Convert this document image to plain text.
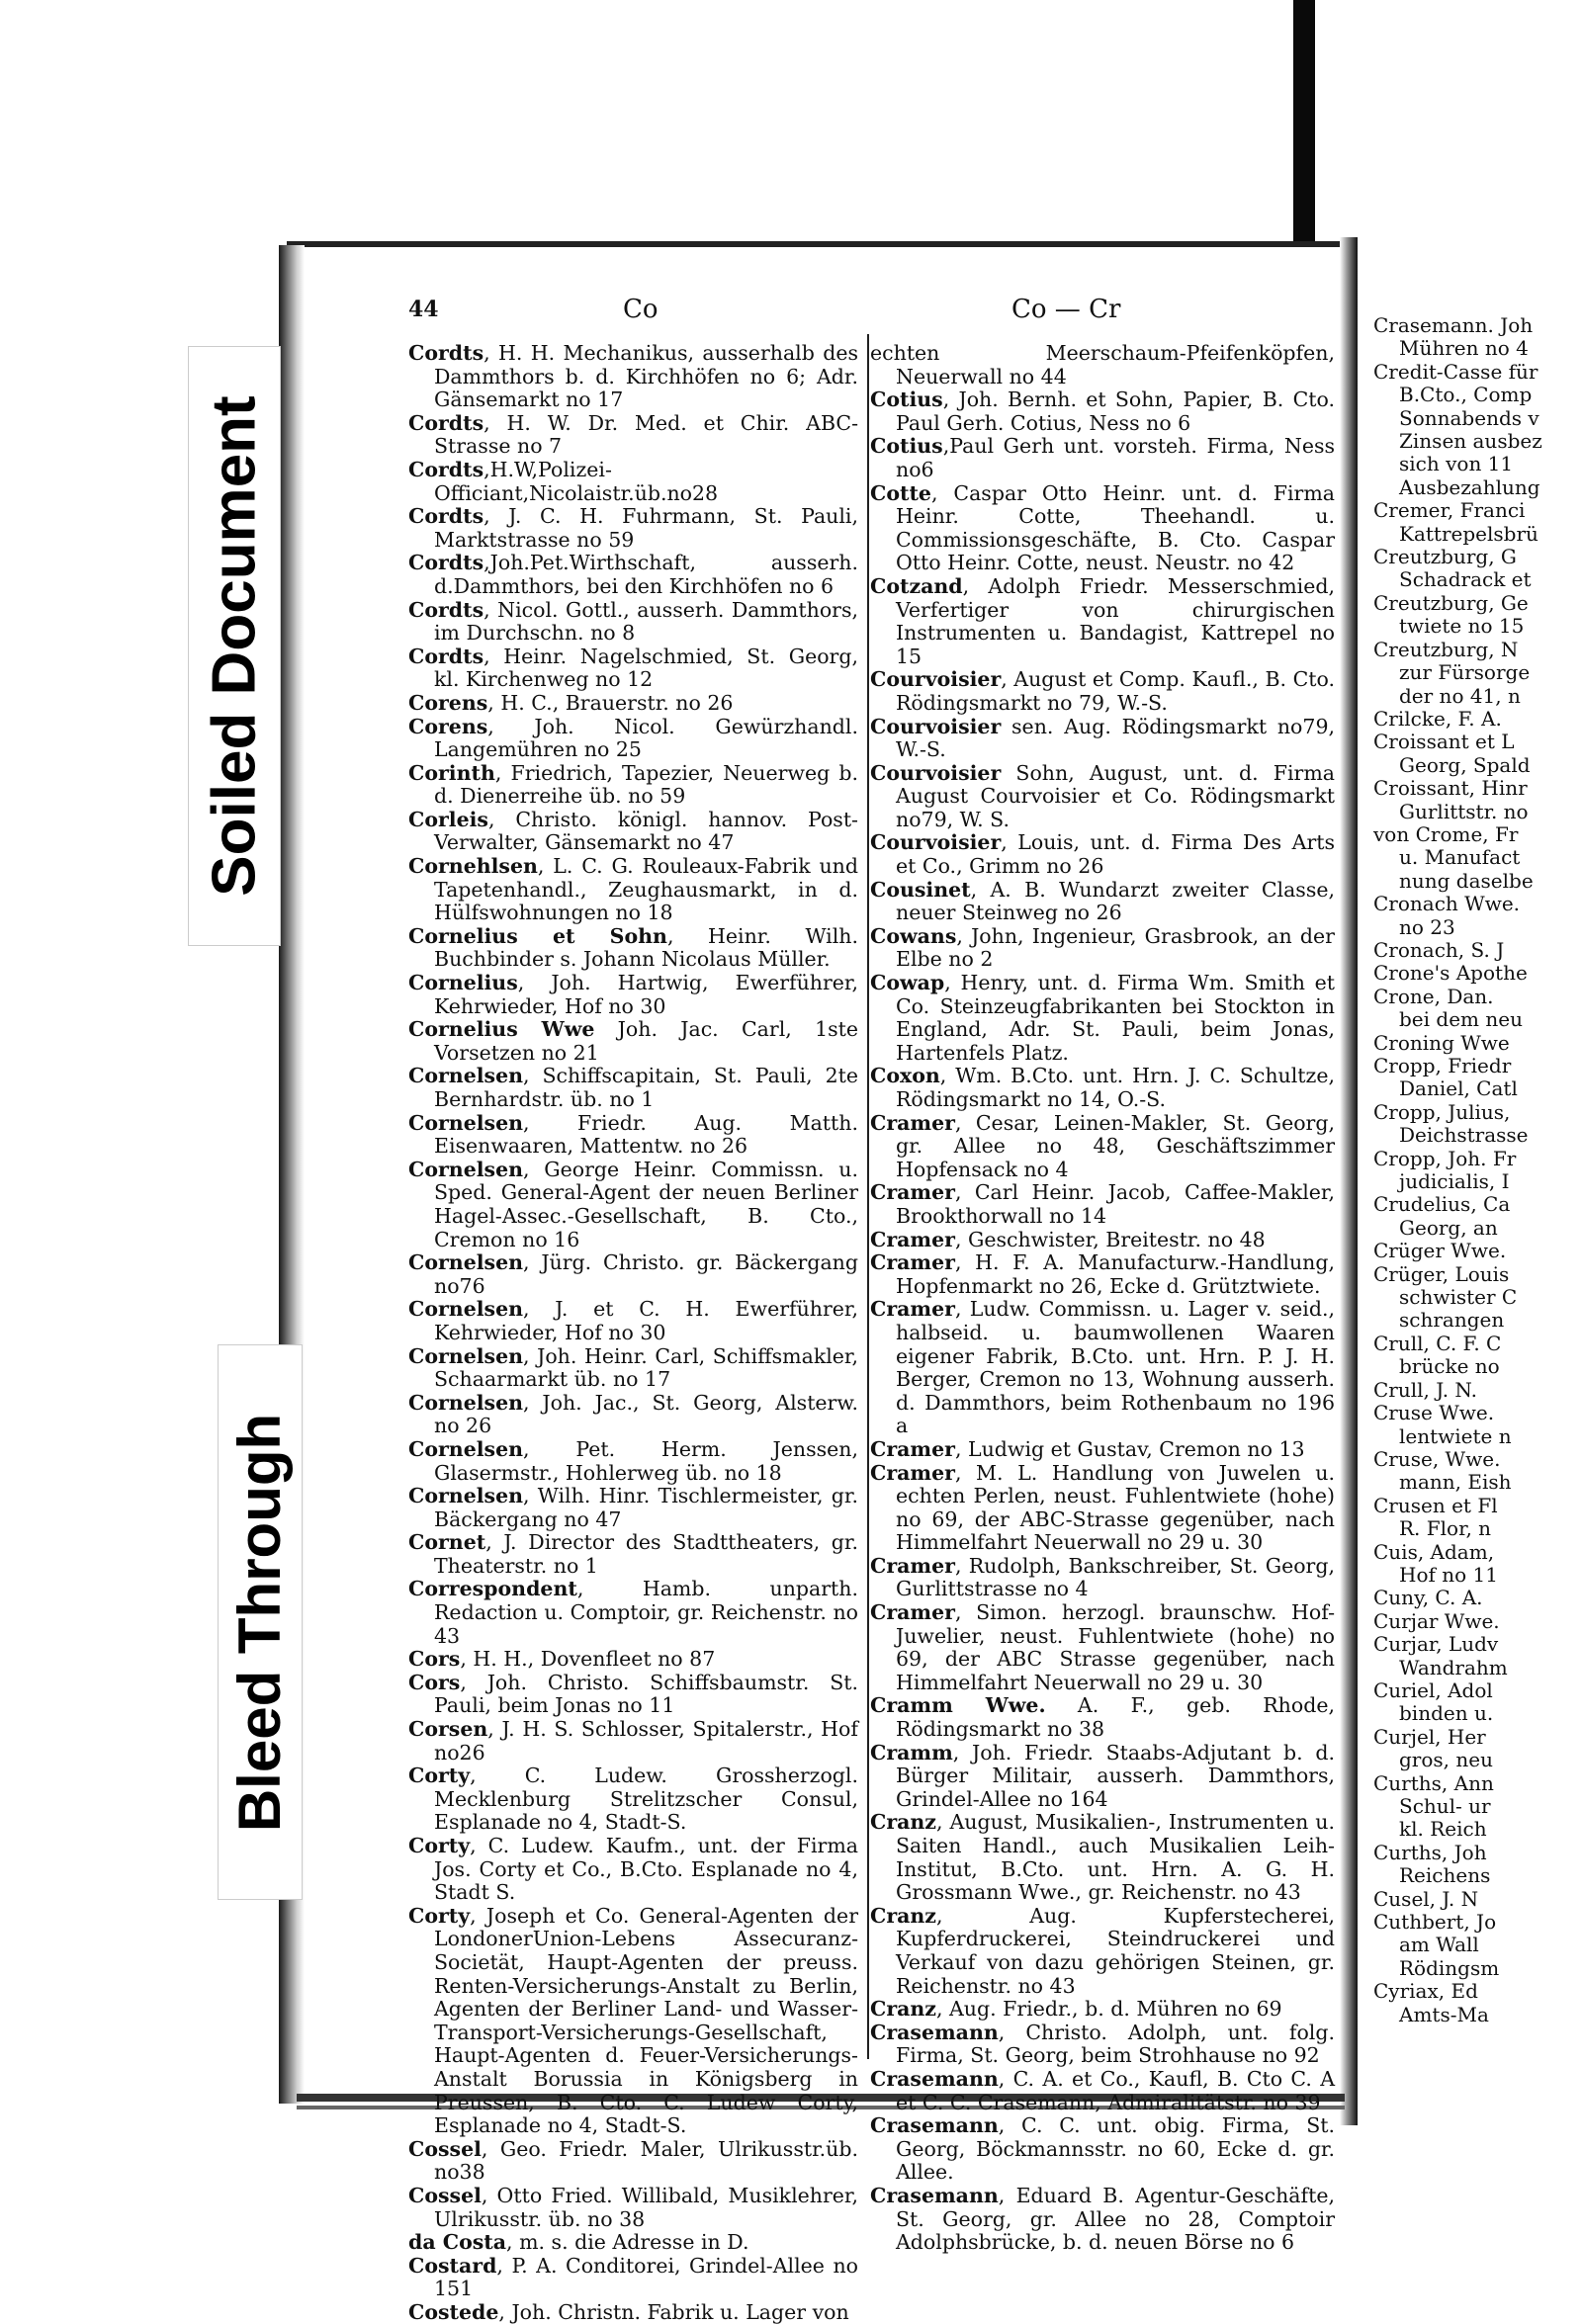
Soiled Document
Bleed Through
44	Co	Co — Cr
Cordts, H. H. Mechanikus, ausserhalb des Dammthors b. d. Kirchhöfen no 6; Adr. Gänsemarkt no 17
Cordts, H. W. Dr. Med. et Chir. ABC-Strasse no 7
Cordts,H.W,Polizei-Officiant,Nicolaistr.üb.no28
Cordts, J. C. H. Fuhrmann, St. Pauli, Marktstrasse no 59
Cordts,Joh.Pet.Wirthschaft, ausserh. d.Dammthors, bei den Kirchhöfen no 6
Cordts, Nicol. Gottl., ausserh. Dammthors, im Durchschn. no 8
Cordts, Heinr. Nagelschmied, St. Georg, kl. Kirchenweg no 12
Corens, H. C., Brauerstr. no 26
Corens, Joh. Nicol. Gewürzhandl. Langemühren no 25
Corinth, Friedrich, Tapezier, Neuerweg b. d. Dienerreihe üb. no 59
Corleis, Christo. königl. hannov. Post-Verwalter, Gänsemarkt no 47
Cornehlsen, L. C. G. Rouleaux-Fabrik und Tapetenhandl., Zeughausmarkt, in d. Hülfswohnungen no 18
Cornelius et Sohn, Heinr. Wilh. Buchbinder s. Johann Nicolaus Müller.
Cornelius, Joh. Hartwig, Ewerführer, Kehrwieder, Hof no 30
Cornelius Wwe Joh. Jac. Carl, 1ste Vorsetzen no 21
Cornelsen, Schiffscapitain, St. Pauli, 2te Bernhardstr. üb. no 1
Cornelsen, Friedr. Aug. Matth. Eisenwaaren, Mattentw. no 26
Cornelsen, George Heinr. Commissn. u. Sped. General-Agent der neuen Berliner Hagel-Assec.-Gesellschaft, B. Cto., Cremon no 16
Cornelsen, Jürg. Christo. gr. Bäckergang no76
Cornelsen, J. et C. H. Ewerführer, Kehrwieder, Hof no 30
Cornelsen, Joh. Heinr. Carl, Schiffsmakler, Schaarmarkt üb. no 17
Cornelsen, Joh. Jac., St. Georg, Alsterw. no 26
Cornelsen, Pet. Herm. Jenssen, Glasermstr., Hohlerweg üb. no 18
Cornelsen, Wilh. Hinr. Tischlermeister, gr. Bäckergang no 47
Cornet, J. Director des Stadttheaters, gr. Theaterstr. no 1
Correspondent, Hamb. unparth. Redaction u. Comptoir, gr. Reichenstr. no 43
Cors, H. H., Dovenfleet no 87
Cors, Joh. Christo. Schiffsbaumstr. St. Pauli, beim Jonas no 11
Corsen, J. H. S. Schlosser, Spitalerstr., Hof no26
Corty, C. Ludew. Grossherzogl. Mecklenburg Strelitzscher Consul, Esplanade no 4, Stadt-S.
Corty, C. Ludew. Kaufm., unt. der Firma Jos. Corty et Co., B.Cto. Esplanade no 4, Stadt S.
Corty, Joseph et Co. General-Agenten der LondonerUnion-Lebens Assecuranz-Societät, Haupt-Agenten der preuss. Renten-Versicherungs-Anstalt zu Berlin, Agenten der Berliner Land- und Wasser-Transport-Versicherungs-Gesellschaft, Haupt-Agenten d. Feuer-Versicherungs-Anstalt Borussia in Königsberg in Preussen, B. Cto. C. Ludew Corty, Esplanade no 4, Stadt-S.
Cossel, Geo. Friedr. Maler, Ulrikusstr.üb. no38
Cossel, Otto Fried. Willibald, Musiklehrer, Ulrikusstr. üb. no 38
da Costa, m. s. die Adresse in D.
Costard, P. A. Conditorei, Grindel-Allee no 151
Costede, Joh. Christn. Fabrik u. Lager von
echten Meerschaum-Pfeifenköpfen, Neuerwall no 44
Cotius, Joh. Bernh. et Sohn, Papier, B. Cto. Paul Gerh. Cotius, Ness no 6
Cotius,Paul Gerh unt. vorsteh. Firma, Ness no6
Cotte, Caspar Otto Heinr. unt. d. Firma Heinr. Cotte, Theehandl. u. Commissionsgeschäfte, B. Cto. Caspar Otto Heinr. Cotte, neust. Neustr. no 42
Cotzand, Adolph Friedr. Messerschmied, Verfertiger von chirurgischen Instrumenten u. Bandagist, Kattrepel no 15
Courvoisier, August et Comp. Kaufl., B. Cto. Rödingsmarkt no 79, W.-S.
Courvoisier sen. Aug. Rödingsmarkt no79, W.-S.
Courvoisier Sohn, August, unt. d. Firma August Courvoisier et Co. Rödingsmarkt no79, W. S.
Courvoisier, Louis, unt. d. Firma Des Arts et Co., Grimm no 26
Cousinet, A. B. Wundarzt zweiter Classe, neuer Steinweg no 26
Cowans, John, Ingenieur, Grasbrook, an der Elbe no 2
Cowap, Henry, unt. d. Firma Wm. Smith et Co. Steinzeugfabrikanten bei Stockton in England, Adr. St. Pauli, beim Jonas, Hartenfels Platz.
Coxon, Wm. B.Cto. unt. Hrn. J. C. Schultze, Rödingsmarkt no 14, O.-S.
Cramer, Cesar, Leinen-Makler, St. Georg, gr. Allee no 48, Geschäftszimmer Hopfensack no 4
Cramer, Carl Heinr. Jacob, Caffee-Makler, Brookthorwall no 14
Cramer, Geschwister, Breitestr. no 48
Cramer, H. F. A. Manufacturw.-Handlung, Hopfenmarkt no 26, Ecke d. Grütztwiete.
Cramer, Ludw. Commissn. u. Lager v. seid., halbseid. u. baumwollenen Waaren eigener Fabrik, B.Cto. unt. Hrn. P. J. H. Berger, Cremon no 13, Wohnung ausserh. d. Dammthors, beim Rothenbaum no 196 a
Cramer, Ludwig et Gustav, Cremon no 13
Cramer, M. L. Handlung von Juwelen u. echten Perlen, neust. Fuhlentwiete (hohe) no 69, der ABC-Strasse gegenüber, nach Himmelfahrt Neuerwall no 29 u. 30
Cramer, Rudolph, Bankschreiber, St. Georg, Gurlittstrasse no 4
Cramer, Simon. herzogl. braunschw. Hof-Juwelier, neust. Fuhlentwiete (hohe) no 69, der ABC Strasse gegenüber, nach Himmelfahrt Neuerwall no 29 u. 30
Cramm Wwe. A. F., geb. Rhode, Rödingsmarkt no 38
Cramm, Joh. Friedr. Staabs-Adjutant b. d. Bürger Militair, ausserh. Dammthors, Grindel-Allee no 164
Cranz, August, Musikalien-, Instrumenten u. Saiten Handl., auch Musikalien Leih-Institut, B.Cto. unt. Hrn. A. G. H. Grossmann Wwe., gr. Reichenstr. no 43
Cranz, Aug. Kupferstecherei, Kupferdruckerei, Steindruckerei und Verkauf von dazu gehörigen Steinen, gr. Reichenstr. no 43
Cranz, Aug. Friedr., b. d. Mühren no 69
Crasemann, Christo. Adolph, unt. folg. Firma, St. Georg, beim Strohhause no 92
Crasemann, C. A. et Co., Kaufl, B. Cto C. A et C. C. Crasemann, Admiralitätstr. no 39
Crasemann, C. C. unt. obig. Firma, St. Georg, Böckmannsstr. no 60, Ecke d. gr. Allee.
Crasemann, Eduard B. Agentur-Geschäfte, St. Georg, gr. Allee no 28, Comptoir Adolphsbrücke, b. d. neuen Börse no 6
Crasemann. Joh
Mühren no 4
Credit-Casse für
B.Cto., Comp
Sonnabends v
Zinsen ausbez
sich von 11
Ausbezahlung
Cremer, Franci
Kattrepelsbrü
Creutzburg, G
Schadrack et
Creutzburg, Ge
twiete no 15
Creutzburg, N
zur Fürsorge
der no 41, n
Crilcke, F. A.
Croissant et L
Georg, Spald
Croissant, Hinr
Gurlittstr. no
von Crome, Fr
u. Manufact
nung daselbe
Cronach Wwe.
no 23
Cronach, S. J
Crone's Apothe
Crone, Dan.
bei dem neu
Croning Wwe
Cropp, Friedr
Daniel, Catl
Cropp, Julius,
Deichstrasse
Cropp, Joh. Fr
judicialis, I
Crudelius, Ca
Georg, an
Crüger Wwe.
Crüger, Louis
schwister C
schrangen
Crull, C. F. C
brücke no
Crull, J. N.
Cruse Wwe.
lentwiete n
Cruse, Wwe.
mann, Eish
Crusen et Fl
R. Flor, n
Cuis, Adam,
Hof no 11
Cuny, C. A.
Curjar Wwe.
Curjar, Ludv
Wandrahm
Curiel, Adol
binden u.
Curjel, Her
gros, neu
Curths, Ann
Schul- ur
kl. Reich
Curths, Joh
Reichens
Cusel, J. N
Cuthbert, Jo
am Wall
Rödingsm
Cyriax, Ed
Amts-Ma
